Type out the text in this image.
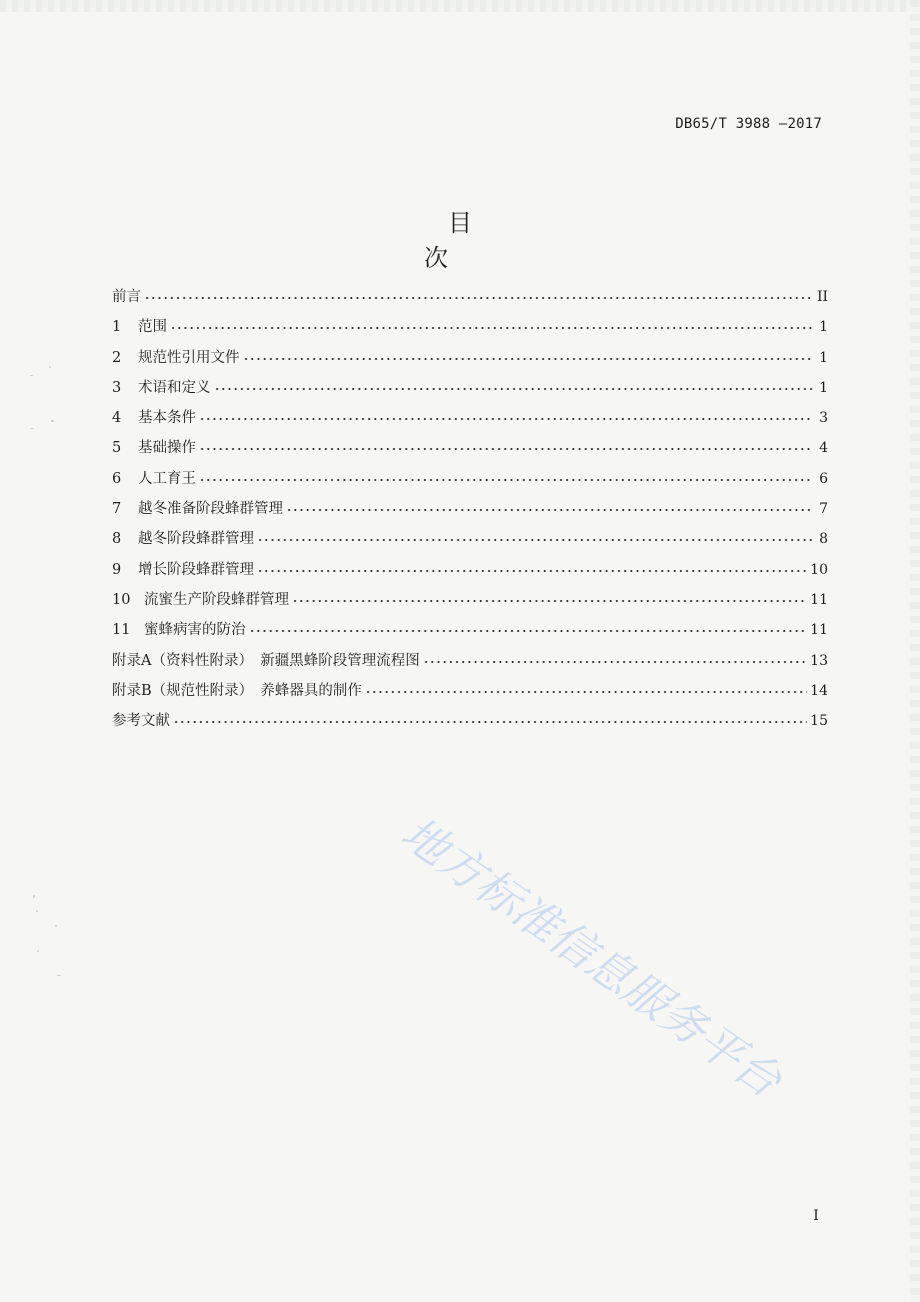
DB65/T 3988 —2017
目次
前言	II
1 范围	1
2 规范性引用文件	1
3 术语和定义	1
4 基本条件	3
5 基础操作	4
6 人工育王	6
7 越冬准备阶段蜂群管理	7
8 越冬阶段蜂群管理	8
9 增长阶段蜂群管理	10
10 流蜜生产阶段蜂群管理	11
11 蜜蜂病害的防治	11
附录A（资料性附录）　新疆黑蜂阶段管理流程图	13
附录B（规范性附录）　养蜂器具的制作	14
参考文献	15
地方标准信息服务平台
I
